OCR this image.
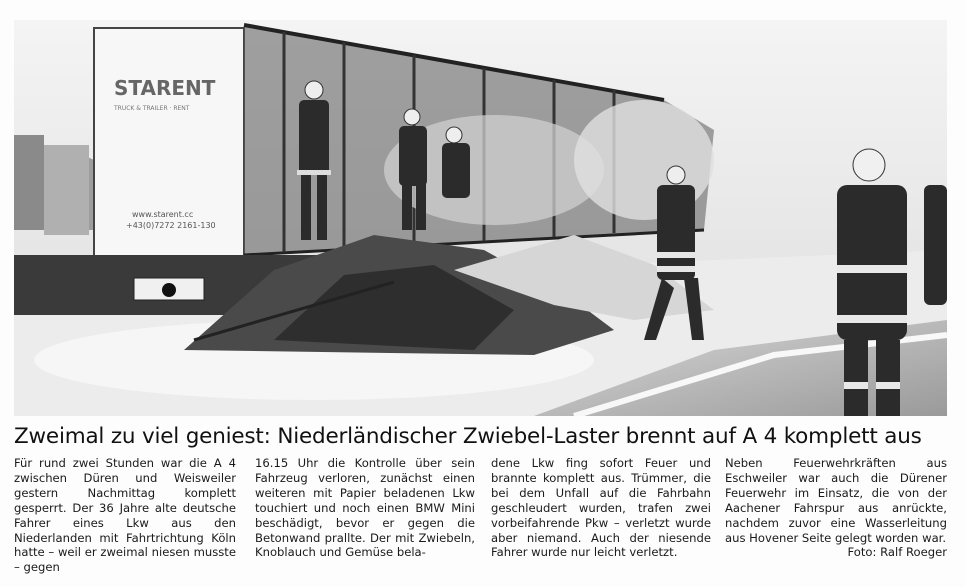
STARENT
TRUCK & TRAILER · RENT
www.starent.cc
+43(0)7272 2161-130
Zweimal zu viel geniest: Niederländischer Zwiebel-Laster brennt auf A 4 komplett aus

Für rund zwei Stunden war die A 4 zwischen Düren und Weisweiler gestern Nachmittag komplett gesperrt. Der 36 Jahre alte deutsche Fahrer eines Lkw aus den Niederlanden mit Fahrtrichtung Köln hatte – weil er zweimal niesen musste – gegen

16.15 Uhr die Kontrolle über sein Fahrzeug verloren, zunächst einen weiteren mit Papier beladenen Lkw touchiert und noch einen BMW Mini beschädigt, bevor er gegen die Betonwand prallte. Der mit Zwiebeln, Knoblauch und Gemüse bela-

dene Lkw fing sofort Feuer und brannte komplett aus. Trümmer, die bei dem Unfall auf die Fahrbahn geschleudert wurden, trafen zwei vorbeifahrende Pkw – verletzt wurde aber niemand. Auch der niesende Fahrer wurde nur leicht verletzt.

Neben Feuerwehrkräften aus Eschweiler war auch die Dürener Feuerwehr im Einsatz, die von der Aachener Fahrspur aus anrückte, nachdem zuvor eine Wasserleitung aus Hovener Seite gelegt worden war.

Foto: Ralf Roeger
